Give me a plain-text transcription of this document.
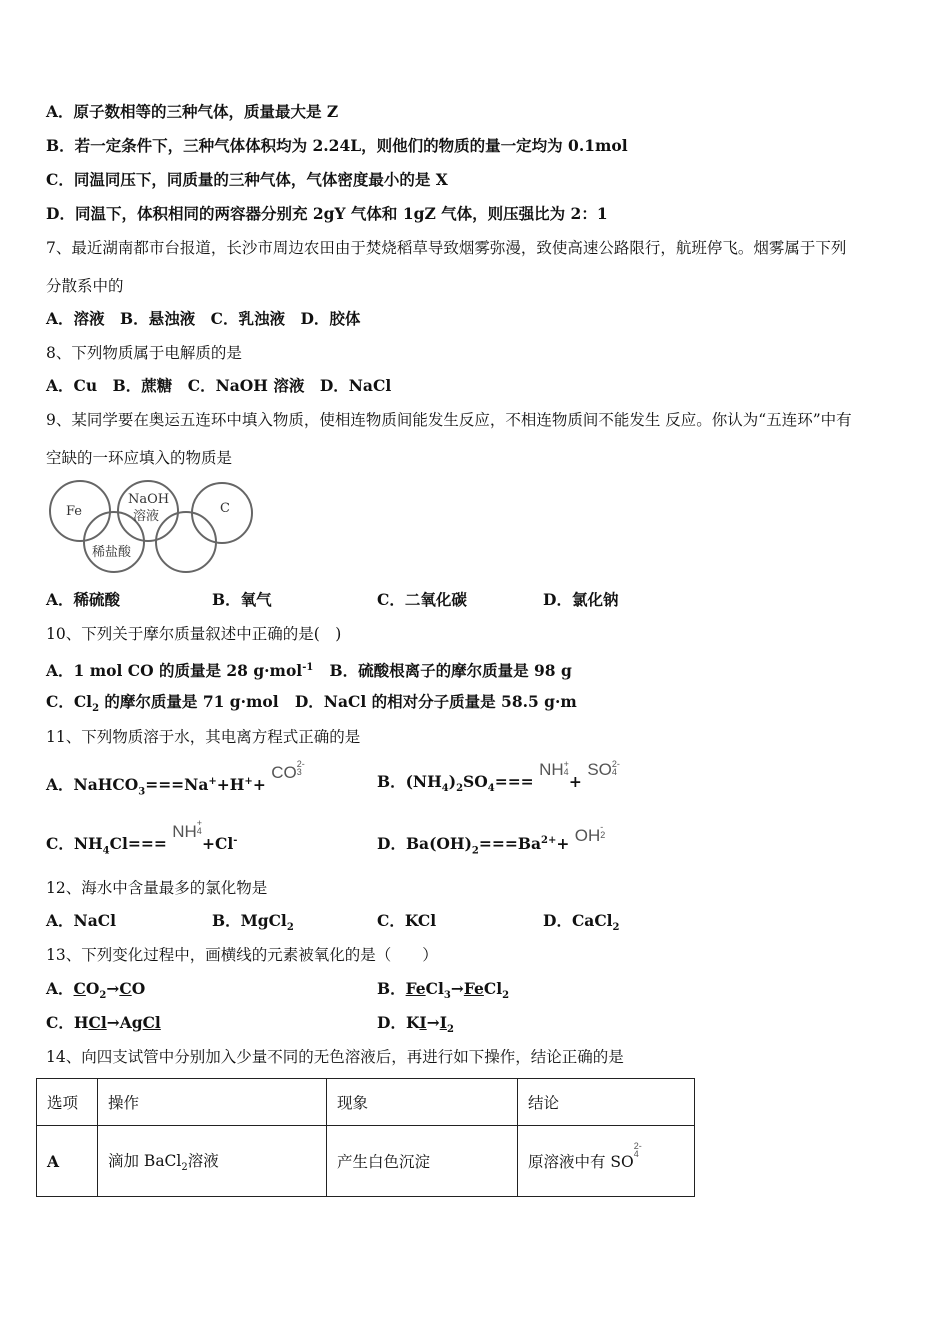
A．原子数相等的三种气体，质量最大是 Z
B．若一定条件下，三种气体体积均为 2.24L，则他们的物质的量一定均为 0.1mol
C．同温同压下，同质量的三种气体，气体密度最小的是 X
D．同温下，体积相同的两容器分别充 2gY 气体和 1gZ 气体，则压强比为 2：1
7、最近湖南都市台报道，长沙市周边农田由于焚烧稻草导致烟雾弥漫，致使高速公路限行，航班停飞。烟雾属于下列
分散系中的
A．溶液　B．悬浊液　C．乳浊液　D．胶体
8、下列物质属于电解质的是
A．Cu　B．蔗糖　C．NaOH 溶液　D．NaCl
9、某同学要在奥运五连环中填入物质，使相连物质间能发生反应，不相连物质间不能发生 反应。你认为“五连环”中有
空缺的一环应填入的物质是
Fe
NaOH
溶液
C
稀盐酸
A．稀硫酸	B．氧气	C．二氧化碳	D．氯化钠
10、下列关于摩尔质量叙述中正确的是(　)
A．1 mol CO 的质量是 28 g·mol$^{-1}$ B．硫酸根离子的摩尔质量是 98 g
C．$Cl_2$ 的摩尔质量是 71 g·mol D．NaCl 的相对分子质量是 58.5 g·m
11、下列物质溶于水，其电离方程式正确的是
A．NaHCO$_3$===Na++H++ CO 2-
3	B．$(NH_4)_2SO_4===$ NH +
4 + SO 2-
4
C．$NH_4Cl===$ NH +
4
+Cl-	D．$Ba(OH)_2===Ba^{2+}+$ OH -
2
12、海水中含量最多的氯化物是
A．NaCl	B．MgCl$_2$	C．KCl	D．CaCl$_2$
13、下列变化过程中，画横线的元素被氧化的是（　　）
A．$CO_2\to CO$	B．FeCl$_3$→FeCl$_2$
C．HCl→AgCl	D．$KI\to I_2$
14、向四支试管中分别加入少量不同的无色溶液后，再进行如下操作，结论正确的是
选项	操作	现象	结论
A	滴加 BaCl$_2$溶液	产生白色沉淀	原溶液中有 SO
2-
4
